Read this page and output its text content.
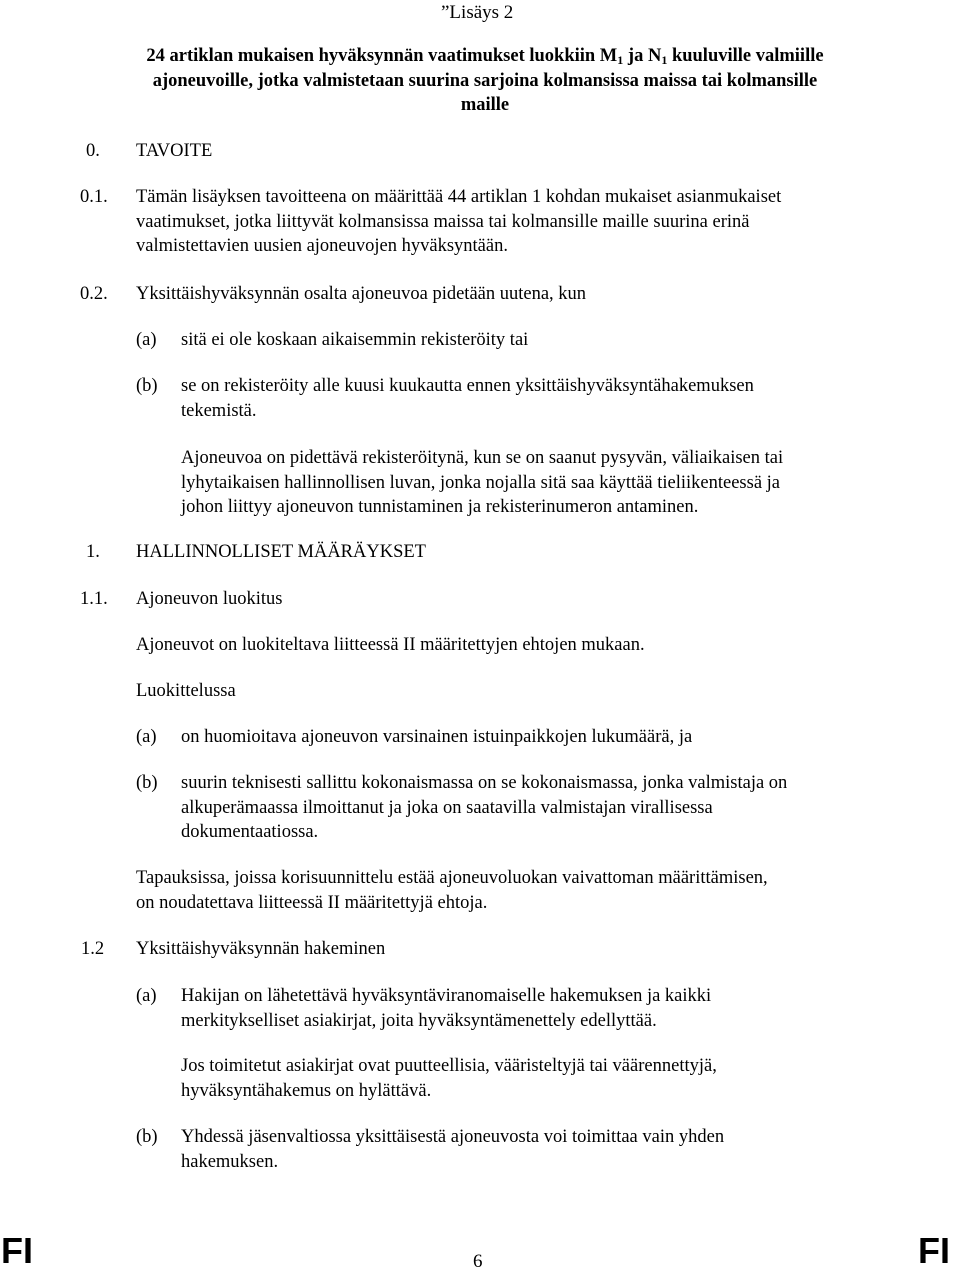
”Lisäys 2
24 artiklan mukaisen hyväksynnän vaatimukset luokkiin $M_1$ ja $N_1$ kuuluville valmiille
ajoneuvoille, jotka valmistetaan suurina sarjoina kolmansissa maissa tai kolmansille
maille
0. TAVOITE
0.1. Tämän lisäyksen tavoitteena on määrittää 44 artiklan 1 kohdan mukaiset asianmukaiset
vaatimukset, jotka liittyvät kolmansissa maissa tai kolmansille maille suurina erinä
valmistettavien uusien ajoneuvojen hyväksyntään.
0.2. Yksittäishyväksynnän osalta ajoneuvoa pidetään uutena, kun
(a) sitä ei ole koskaan aikaisemmin rekisteröity tai
(b) se on rekisteröity alle kuusi kuukautta ennen yksittäishyväksyntähakemuksen
tekemistä.
Ajoneuvoa on pidettävä rekisteröitynä, kun se on saanut pysyvän, väliaikaisen tai
lyhytaikaisen hallinnollisen luvan, jonka nojalla sitä saa käyttää tieliikenteessä ja
johon liittyy ajoneuvon tunnistaminen ja rekisterinumeron antaminen.
1. HALLINNOLLISET MÄÄRÄYKSET
1.1. Ajoneuvon luokitus
Ajoneuvot on luokiteltava liitteessä II määritettyjen ehtojen mukaan.
Luokittelussa
(a) on huomioitava ajoneuvon varsinainen istuinpaikkojen lukumäärä, ja
(b) suurin teknisesti sallittu kokonaismassa on se kokonaismassa, jonka valmistaja on
alkuperämaassa ilmoittanut ja joka on saatavilla valmistajan virallisessa
dokumentaatiossa.
Tapauksissa, joissa korisuunnittelu estää ajoneuvoluokan vaivattoman määrittämisen,
on noudatettava liitteessä II määritettyjä ehtoja.
1.2 Yksittäishyväksynnän hakeminen
(a) Hakijan on lähetettävä hyväksyntäviranomaiselle hakemuksen ja kaikki
merkitykselliset asiakirjat, joita hyväksyntämenettely edellyttää.
Jos toimitetut asiakirjat ovat puutteellisia, vääristeltyjä tai väärennettyjä,
hyväksyntähakemus on hylättävä.
(b) Yhdessä jäsenvaltiossa yksittäisestä ajoneuvosta voi toimittaa vain yhden
hakemuksen.
FI	6	FI
